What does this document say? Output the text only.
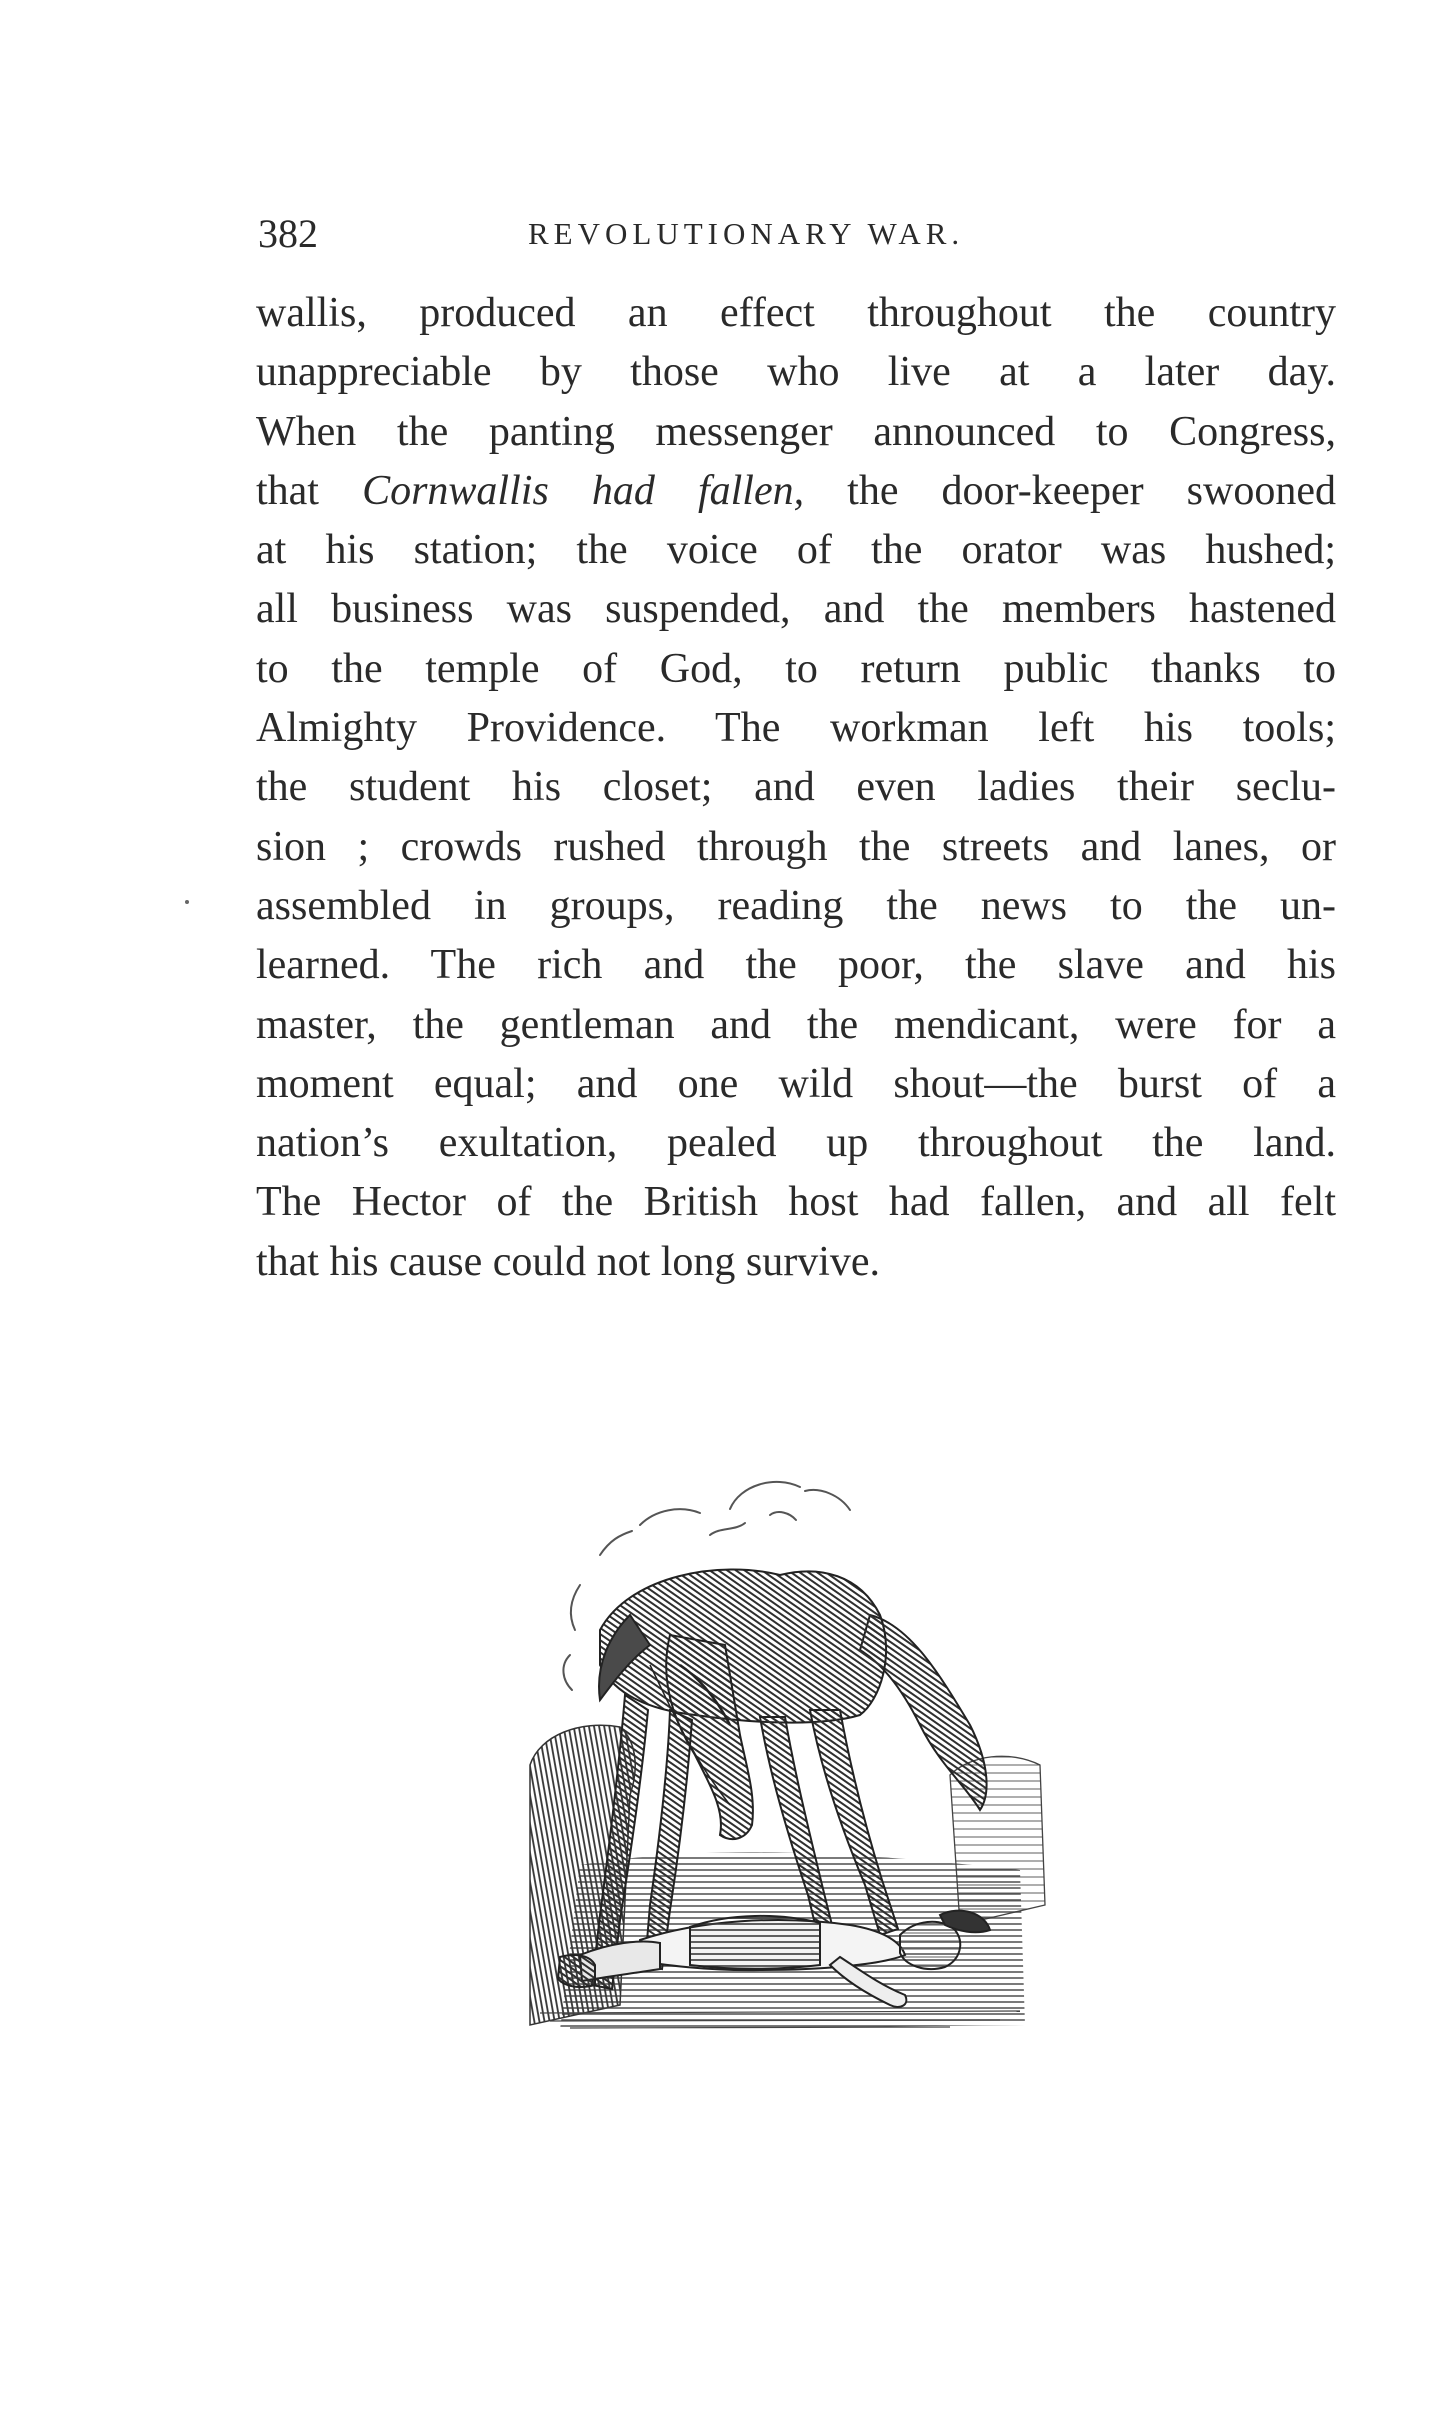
382	REVOLUTIONARY WAR.
wallis, produced an effect throughout the country
unappreciable by those who live at a later day.
When the panting messenger announced to Congress,
that Cornwallis had fallen, the door-keeper swooned
at his station; the voice of the orator was hushed;
all business was suspended, and the members hastened
to the temple of God, to return public thanks to
Almighty Providence. The workman left his tools;
the student his closet; and even ladies their seclu-
sion ; crowds rushed through the streets and lanes, or
assembled in groups, reading the news to the un-
learned. The rich and the poor, the slave and his
master, the gentleman and the mendicant, were for a
moment equal; and one wild shout—the burst of a
nation’s exultation, pealed up throughout the land.
The Hector of the British host had fallen, and all felt
that his cause could not long survive.
